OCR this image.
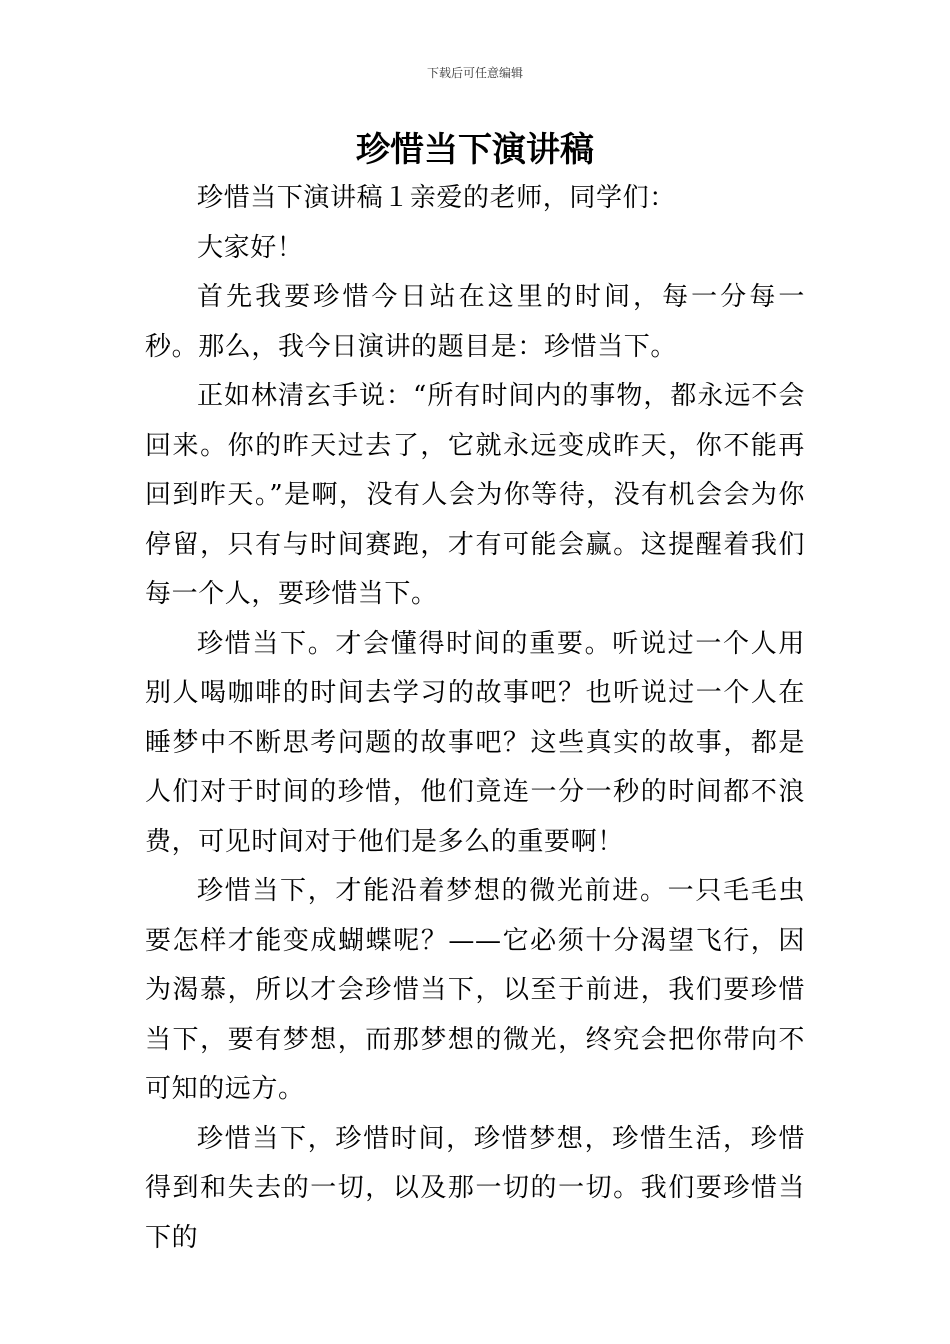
下载后可任意编辑
珍惜当下演讲稿

珍惜当下演讲稿１亲爱的老师，同学们：

大家好！

首先我要珍惜今日站在这里的时间，每一分每一秒。那么，我今日演讲的题目是：珍惜当下。

正如林清玄手说：“所有时间内的事物，都永远不会回来。你的昨天过去了，它就永远变成昨天，你不能再回到昨天。”是啊，没有人会为你等待，没有机会会为你停留，只有与时间赛跑，才有可能会赢。这提醒着我们每一个人，要珍惜当下。

珍惜当下。才会懂得时间的重要。听说过一个人用别人喝咖啡的时间去学习的故事吧？也听说过一个人在睡梦中不断思考问题的故事吧？这些真实的故事，都是人们对于时间的珍惜，他们竟连一分一秒的时间都不浪费，可见时间对于他们是多么的重要啊！

珍惜当下，才能沿着梦想的微光前进。一只毛毛虫要怎样才能变成蝴蝶呢？——它必须十分渴望飞行，因为渴慕，所以才会珍惜当下，以至于前进，我们要珍惜当下，要有梦想，而那梦想的微光，终究会把你带向不可知的远方。

珍惜当下，珍惜时间，珍惜梦想，珍惜生活，珍惜得到和失去的一切，以及那一切的一切。我们要珍惜当下的
